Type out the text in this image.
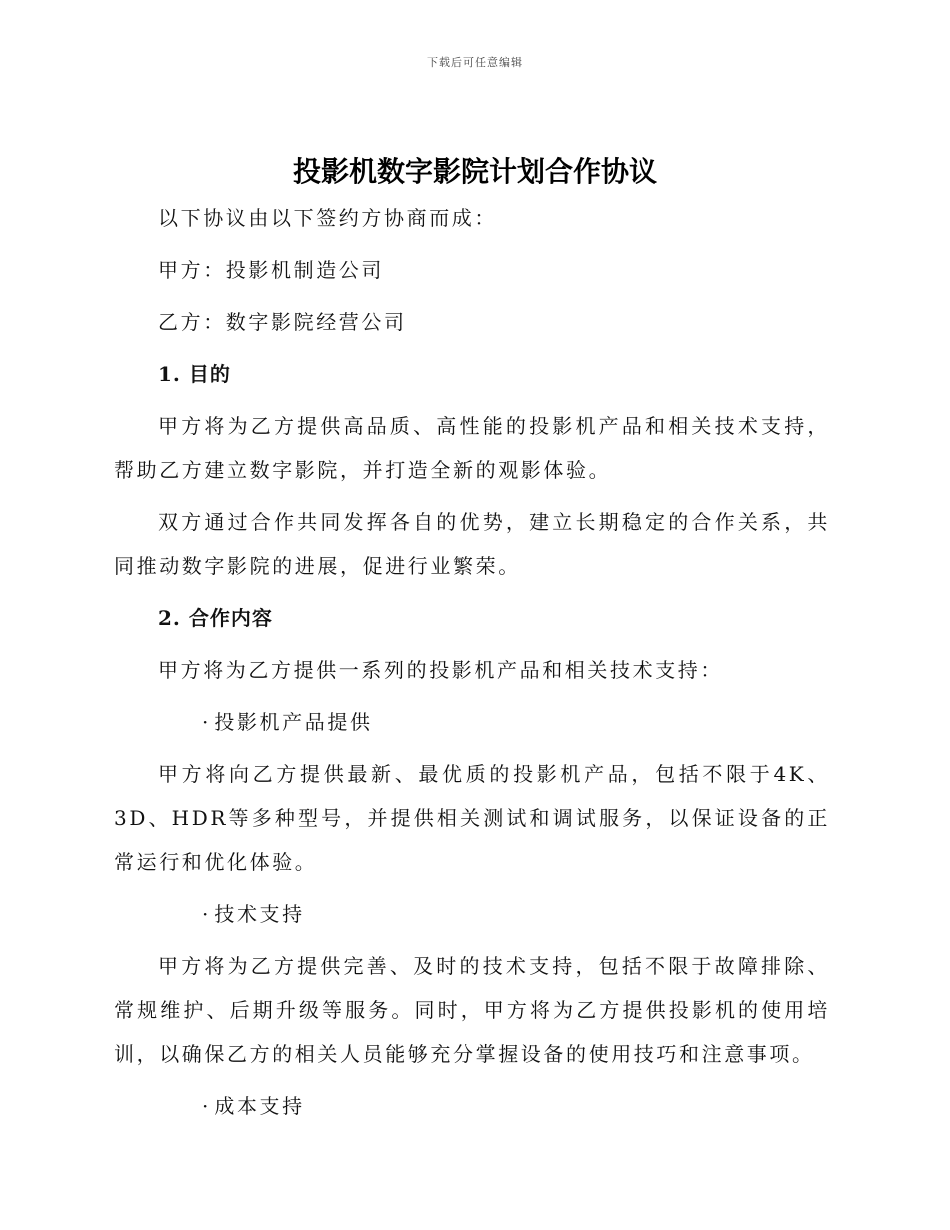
下载后可任意编辑
投影机数字影院计划合作协议

以下协议由以下签约方协商而成：

甲方：投影机制造公司

乙方：数字影院经营公司

1. 目的

甲方将为乙方提供高品质、高性能的投影机产品和相关技术支持，帮助乙方建立数字影院，并打造全新的观影体验。

双方通过合作共同发挥各自的优势，建立长期稳定的合作关系，共同推动数字影院的进展，促进行业繁荣。

2. 合作内容

甲方将为乙方提供一系列的投影机产品和相关技术支持：

· 投影机产品提供

甲方将向乙方提供最新、最优质的投影机产品，包括不限于4K、3D、HDR等多种型号，并提供相关测试和调试服务，以保证设备的正常运行和优化体验。

· 技术支持

甲方将为乙方提供完善、及时的技术支持，包括不限于故障排除、常规维护、后期升级等服务。同时，甲方将为乙方提供投影机的使用培训，以确保乙方的相关人员能够充分掌握设备的使用技巧和注意事项。

· 成本支持
